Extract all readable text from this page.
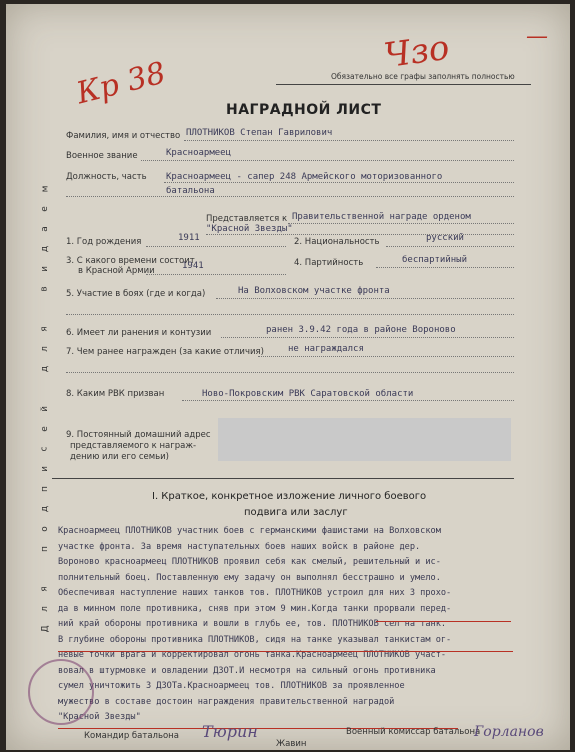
Чзо
Кр 38
—
Обязательно все графы заполнять полностью
НАГРАДНОЙ ЛИСТ
Фамилия, имя и отчество ПЛОТНИКОВ Степан Гаврилович
Военное звание	Красноармеец
Должность, часть Красноармеец - сапер 248 Армейского моторизованного
батальона
Представляется к Правительственной награде орденом
"Красной Звезды"
1. Год рождения	1911	2. Национальность	русский
3. С какого времени состоит
в Красной Армии	1941	4. Партийность	беспартийный
5. Участие в боях (где и когда)	На Волховском участке фронта
6. Имеет ли ранения и контузии	ранен 3.9.42 года в районе Вороново
7. Чем ранее награжден (за какие отличия)	не награждался
8. Каким РВК призван	Ново-Покровским РВК Саратовской области
9. Постоянный домашний адрес
представляемого к награж-
дению или его семьи)
I. Краткое, конкретное изложение личного боевого
подвига или заслуг
Красноармеец ПЛОТНИКОВ участник боев с германскими фашистами на Волховском
участке фронта. За время наступательных боев наших войск в районе дер.
Вороново красноармеец ПЛОТНИКОВ проявил себя как смелый, решительный и ис-
полнительный боец. Поставленную ему задачу он выполнял бесстрашно и умело.
Обеспечивая наступление наших танков тов. ПЛОТНИКОВ устроил для них 3 прохо-
да в минном поле противника, сняв при этом 9 мин.Когда танки прорвали перед-
ний край обороны противника и вошли в глубь ее, тов. ПЛОТНИКОВ сел на танк.
В глубине обороны противника ПЛОТНИКОВ, сидя на танке указывал танкистам ог-
невые точки врага и корректировал огонь танка.Красноармеец ПЛОТНИКОВ участ-
вовал в штурмовке и овладении ДЗОТ.И несмотря на сильный огонь противника
сумел уничтожить 3 ДЗОТа.Красноармеец тов. ПЛОТНИКОВ за проявленное
мужество в составе достоин награждения правительственной наградой
"Красной Звезды"
Командир батальона	Военный комиссар батальона
Тюрин
Жавин
Горланов
Д
л
я
п
о
д
п
и
с
е
й
д
л
я
в
и
д
а
е
м
